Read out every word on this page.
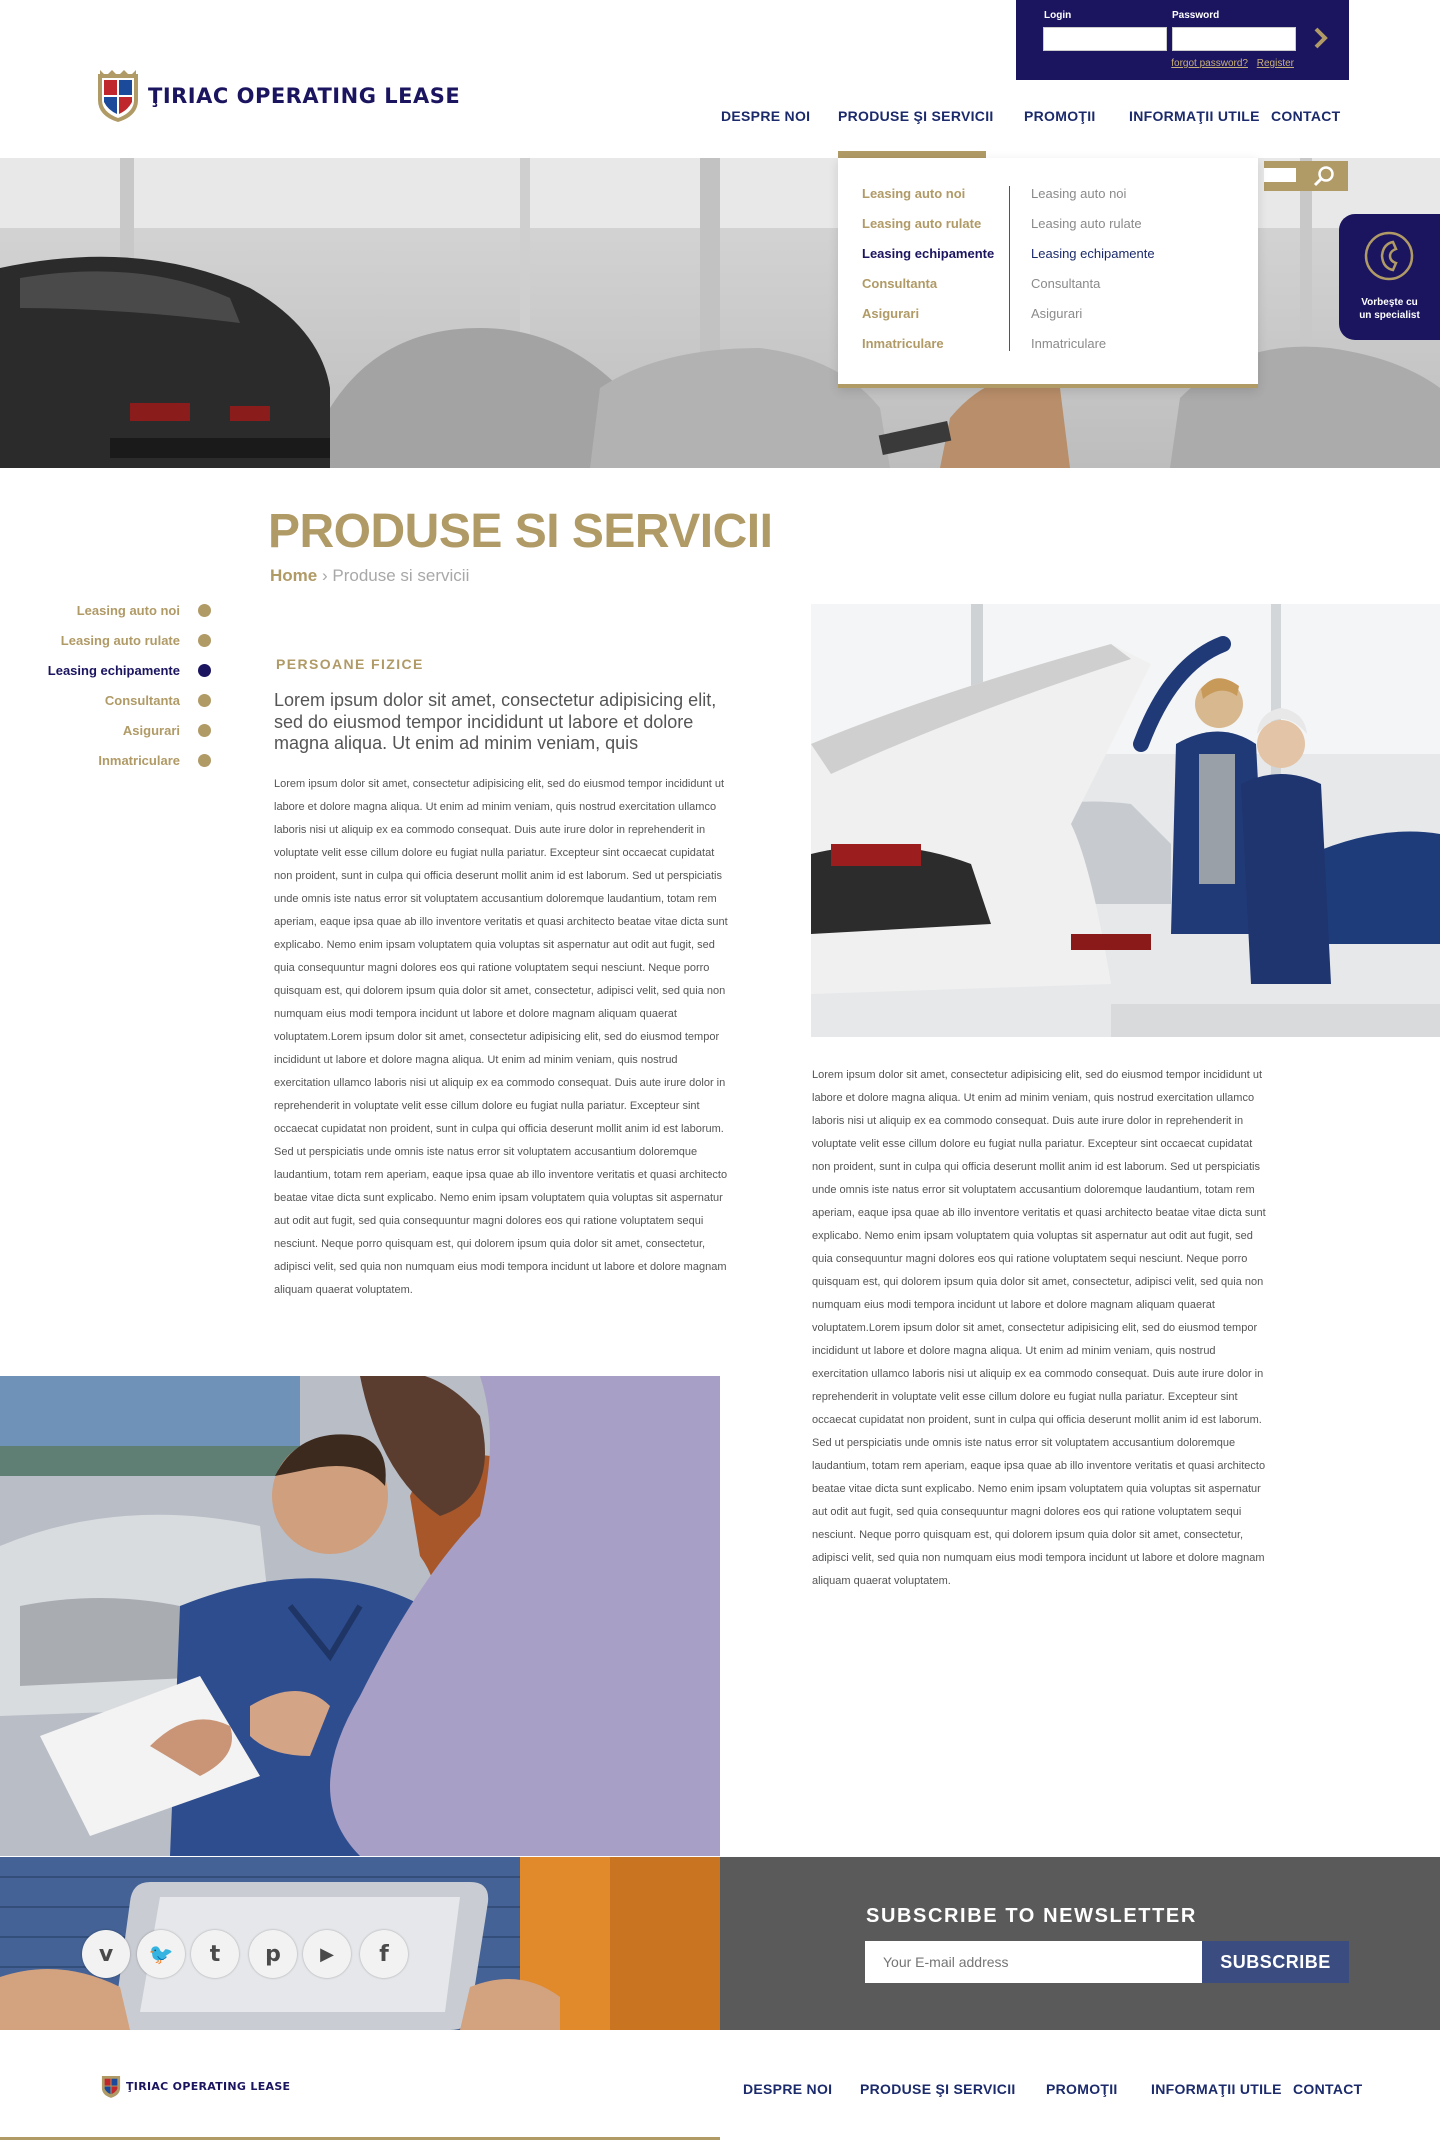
Login	Password
forgot password? Register
ŢIRIAC OPERATING LEASE
DESPRE NOI PRODUSE ŞI SERVICII PROMOŢII INFORMAŢII UTILE CONTACT
Vorbeşte cu
un specialist
Leasing auto noi
Leasing auto rulate
Leasing echipamente
Consultanta
Asigurari
Inmatriculare
Leasing auto noi
Leasing auto rulate
Leasing echipamente
Consultanta
Asigurari
Inmatriculare
PRODUSE SI SERVICII
Home › Produse si servicii
Leasing auto noi
Leasing auto rulate
Leasing echipamente
Consultanta
Asigurari
Inmatriculare
PERSOANE FIZICE

Lorem ipsum dolor sit amet, consectetur adipisicing elit, sed do eiusmod tempor incididunt ut labore et dolore magna aliqua. Ut enim ad minim veniam, quis

Lorem ipsum dolor sit amet, consectetur adipisicing elit, sed do eiusmod tempor incididunt ut labore et dolore magna aliqua. Ut enim ad minim veniam, quis nostrud exercitation ullamco laboris nisi ut aliquip ex ea commodo consequat. Duis aute irure dolor in reprehenderit in voluptate velit esse cillum dolore eu fugiat nulla pariatur. Excepteur sint occaecat cupidatat non proident, sunt in culpa qui officia deserunt mollit anim id est laborum. Sed ut perspiciatis unde omnis iste natus error sit voluptatem accusantium doloremque laudantium, totam rem aperiam, eaque ipsa quae ab illo inventore veritatis et quasi architecto beatae vitae dicta sunt explicabo. Nemo enim ipsam voluptatem quia voluptas sit aspernatur aut odit aut fugit, sed quia consequuntur magni dolores eos qui ratione voluptatem sequi nesciunt. Neque porro quisquam est, qui dolorem ipsum quia dolor sit amet, consectetur, adipisci velit, sed quia non numquam eius modi tempora incidunt ut labore et dolore magnam aliquam quaerat voluptatem.Lorem ipsum dolor sit amet, consectetur adipisicing elit, sed do eiusmod tempor incididunt ut labore et dolore magna aliqua. Ut enim ad minim veniam, quis nostrud exercitation ullamco laboris nisi ut aliquip ex ea commodo consequat. Duis aute irure dolor in reprehenderit in voluptate velit esse cillum dolore eu fugiat nulla pariatur. Excepteur sint occaecat cupidatat non proident, sunt in culpa qui officia deserunt mollit anim id est laborum. Sed ut perspiciatis unde omnis iste natus error sit voluptatem accusantium doloremque laudantium, totam rem aperiam, eaque ipsa quae ab illo inventore veritatis et quasi architecto beatae vitae dicta sunt explicabo. Nemo enim ipsam voluptatem quia voluptas sit aspernatur aut odit aut fugit, sed quia consequuntur magni dolores eos qui ratione voluptatem sequi nesciunt. Neque porro quisquam est, qui dolorem ipsum quia dolor sit amet, consectetur, adipisci velit, sed quia non numquam eius modi tempora incidunt ut labore et dolore magnam aliquam quaerat voluptatem.

Lorem ipsum dolor sit amet, consectetur adipisicing elit, sed do eiusmod tempor incididunt ut labore et dolore magna aliqua. Ut enim ad minim veniam, quis nostrud exercitation ullamco laboris nisi ut aliquip ex ea commodo consequat. Duis aute irure dolor in reprehenderit in voluptate velit esse cillum dolore eu fugiat nulla pariatur. Excepteur sint occaecat cupidatat non proident, sunt in culpa qui officia deserunt mollit anim id est laborum. Sed ut perspiciatis unde omnis iste natus error sit voluptatem accusantium doloremque laudantium, totam rem aperiam, eaque ipsa quae ab illo inventore veritatis et quasi architecto beatae vitae dicta sunt explicabo. Nemo enim ipsam voluptatem quia voluptas sit aspernatur aut odit aut fugit, sed quia consequuntur magni dolores eos qui ratione voluptatem sequi nesciunt. Neque porro quisquam est, qui dolorem ipsum quia dolor sit amet, consectetur, adipisci velit, sed quia non numquam eius modi tempora incidunt ut labore et dolore magnam aliquam quaerat voluptatem.Lorem ipsum dolor sit amet, consectetur adipisicing elit, sed do eiusmod tempor incididunt ut labore et dolore magna aliqua. Ut enim ad minim veniam, quis nostrud exercitation ullamco laboris nisi ut aliquip ex ea commodo consequat. Duis aute irure dolor in reprehenderit in voluptate velit esse cillum dolore eu fugiat nulla pariatur. Excepteur sint occaecat cupidatat non proident, sunt in culpa qui officia deserunt mollit anim id est laborum. Sed ut perspiciatis unde omnis iste natus error sit voluptatem accusantium doloremque laudantium, totam rem aperiam, eaque ipsa quae ab illo inventore veritatis et quasi architecto beatae vitae dicta sunt explicabo. Nemo enim ipsam voluptatem quia voluptas sit aspernatur aut odit aut fugit, sed quia consequuntur magni dolores eos qui ratione voluptatem sequi nesciunt. Neque porro quisquam est, qui dolorem ipsum quia dolor sit amet, consectetur, adipisci velit, sed quia non numquam eius modi tempora incidunt ut labore et dolore magnam aliquam quaerat voluptatem.

v	🐦	t	p	▶	f
SUBSCRIBE TO NEWSLETTER
Your E-mail address
SUBSCRIBE
ŢIRIAC OPERATING LEASE	DESPRE NOI PRODUSE ŞI SERVICII PROMOŢII INFORMAŢII UTILE CONTACT
